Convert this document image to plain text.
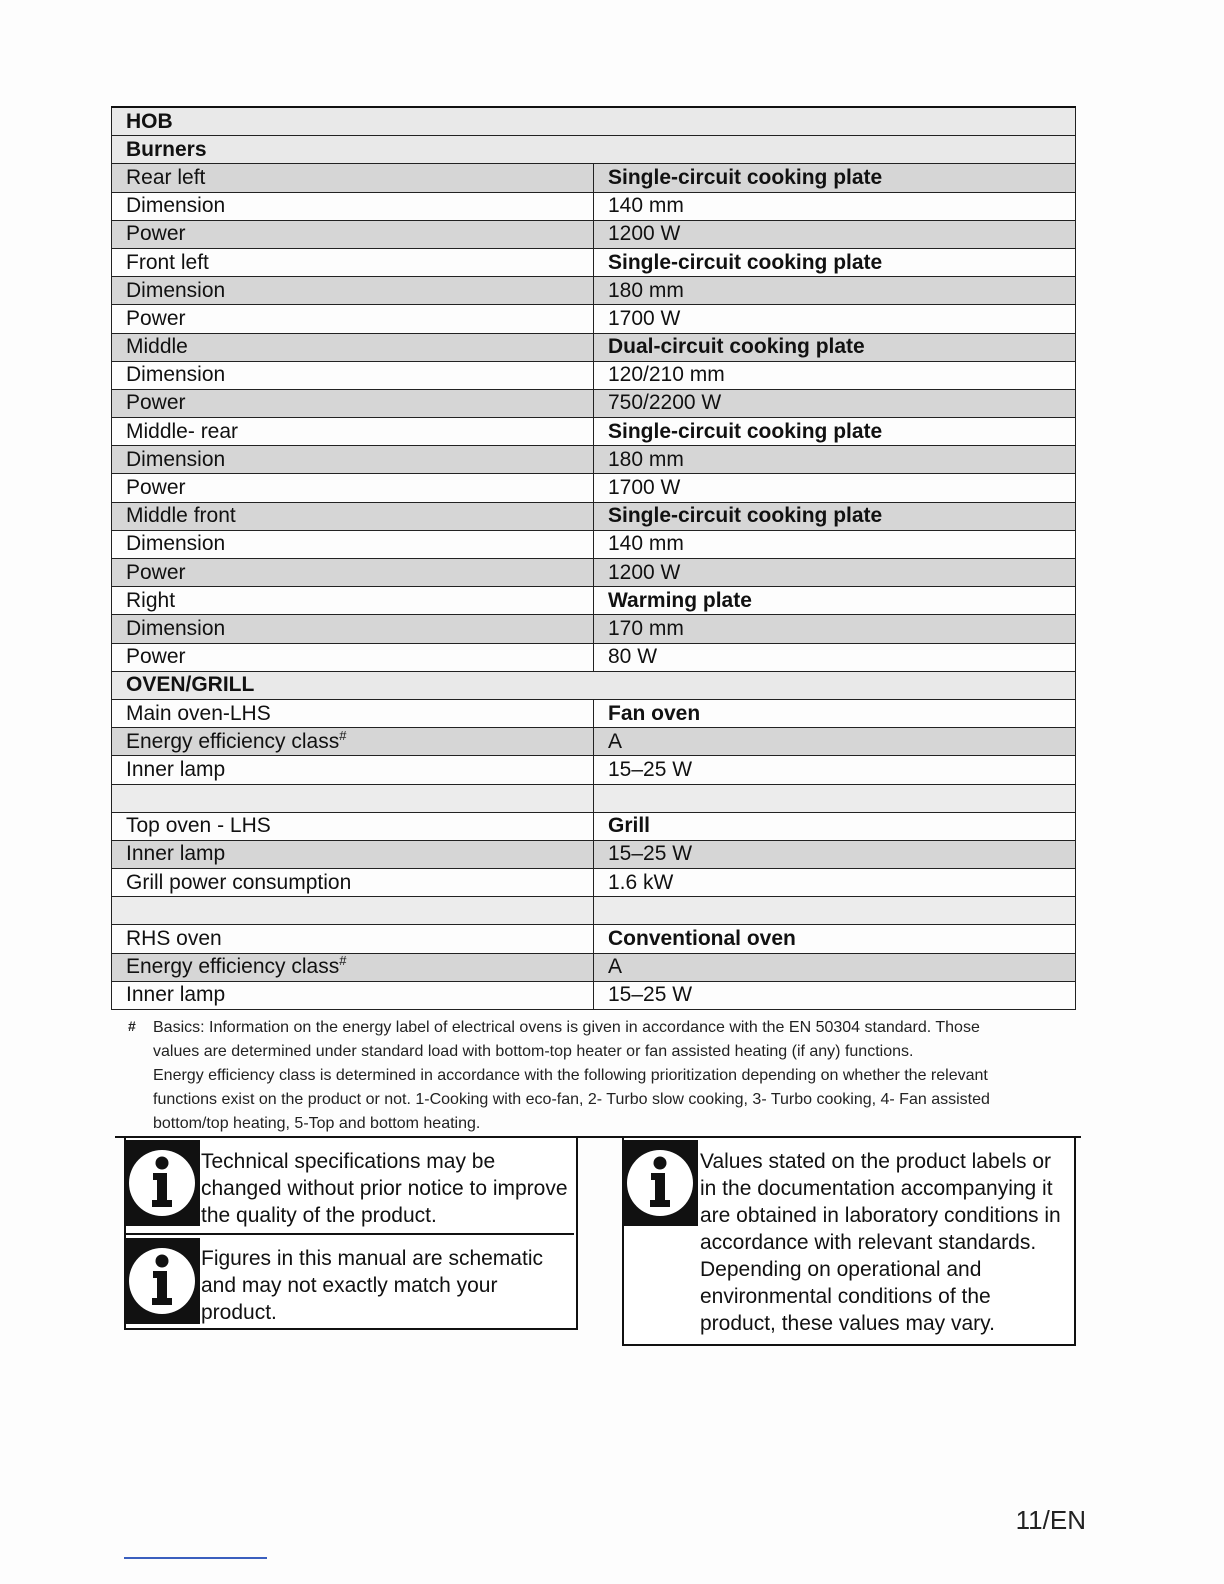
HOB	
Burners	
Rear left	Single-circuit cooking plate
Dimension	140 mm
Power	1200 W
Front left	Single-circuit cooking plate
Dimension	180 mm
Power	1700 W
Middle	Dual-circuit cooking plate
Dimension	120/210 mm
Power	750/2200 W
Middle- rear	Single-circuit cooking plate
Dimension	180 mm
Power	1700 W
Middle front	Single-circuit cooking plate
Dimension	140 mm
Power	1200 W
Right	Warming plate
Dimension	170 mm
Power	80 W
OVEN/GRILL	
Main oven-LHS	Fan oven
Energy efficiency class#	A
Inner lamp	15–25 W

Top oven - LHS	Grill
Inner lamp	15–25 W
Grill power consumption	1.6 kW

RHS oven	Conventional oven
Energy efficiency class#	A
Inner lamp	15–25 W
# Basics: Information on the energy label of electrical ovens is given in accordance with the EN 50304 standard. Those

values are determined under standard load with bottom-top heater or fan assisted heating (if any) functions.

Energy efficiency class is determined in accordance with the following prioritization depending on whether the relevant

functions exist on the product or not. 1-Cooking with eco-fan, 2- Turbo slow cooking, 3- Turbo cooking, 4- Fan assisted

bottom/top heating, 5-Top and bottom heating.

Technical specifications may be changed without prior notice to improve the quality of the product.
Figures in this manual are schematic and may not exactly match your product.
Values stated on the product labels or in the documentation accompanying it are obtained in laboratory conditions in accordance with relevant standards. Depending on operational and environmental conditions of the product, these values may vary.
11/EN
